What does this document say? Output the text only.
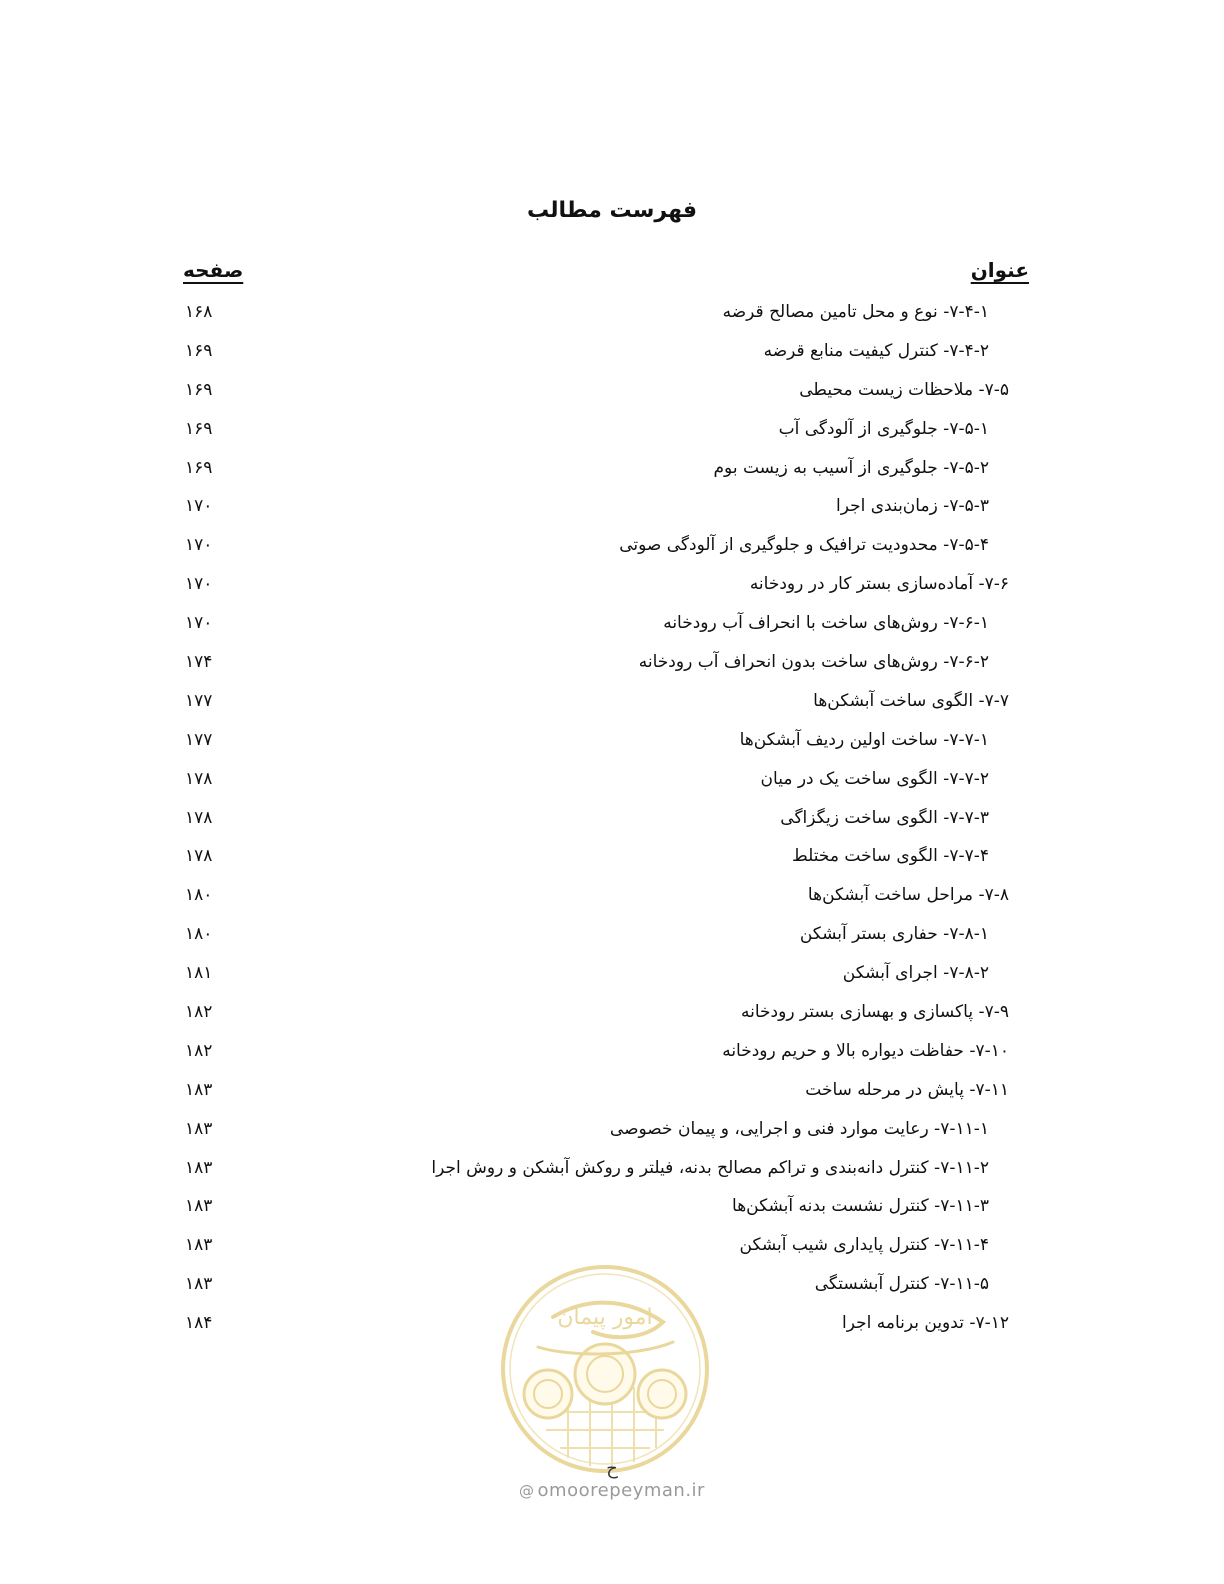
فهرست مطالب
عنوان
صفحه
۷-۴-۱- نوع و محل تامین مصالح قرضه
۱۶۸
۷-۴-۲- کنترل کیفیت منابع قرضه
۱۶۹
۷-۵- ملاحظات زیست محیطی
۱۶۹
۷-۵-۱- جلوگیری از آلودگی آب
۱۶۹
۷-۵-۲- جلوگیری از آسیب به زیست بوم
۱۶۹
۷-۵-۳- زمان‌بندی اجرا
۱۷۰
۷-۵-۴- محدودیت ترافیک و جلوگیری از آلودگی صوتی
۱۷۰
۷-۶- آماده‌سازی بستر کار در رودخانه
۱۷۰
۷-۶-۱- روش‌های ساخت با انحراف آب رودخانه
۱۷۰
۷-۶-۲- روش‌های ساخت بدون انحراف آب رودخانه
۱۷۴
۷-۷- الگوی ساخت آبشکن‌ها
۱۷۷
۷-۷-۱- ساخت اولین ردیف آبشکن‌ها
۱۷۷
۷-۷-۲- الگوی ساخت یک در میان
۱۷۸
۷-۷-۳- الگوی ساخت زیگزاگی
۱۷۸
۷-۷-۴- الگوی ساخت مختلط
۱۷۸
۷-۸- مراحل ساخت آبشکن‌ها
۱۸۰
۷-۸-۱- حفاری بستر آبشکن
۱۸۰
۷-۸-۲- اجرای آبشکن
۱۸۱
۷-۹- پاکسازی و بهسازی بستر رودخانه
۱۸۲
۷-۱۰- حفاظت دیواره بالا و حریم رودخانه
۱۸۲
۷-۱۱- پایش در مرحله ساخت
۱۸۳
۷-۱۱-۱- رعایت موارد فنی و اجرایی، و پیمان خصوصی
۱۸۳
۷-۱۱-۲- کنترل دانه‌بندی و تراکم مصالح بدنه، فیلتر و روکش آبشکن و روش اجرا
۱۸۳
۷-۱۱-۳- کنترل نشست بدنه آبشکن‌ها
۱۸۳
۷-۱۱-۴- کنترل پایداری شیب آبشکن
۱۸۳
۷-۱۱-۵- کنترل آبشستگی
۱۸۳
۷-۱۲- تدوین برنامه اجرا
۱۸۴	امور پیمان
ح
@ omoorepeyman.ir
